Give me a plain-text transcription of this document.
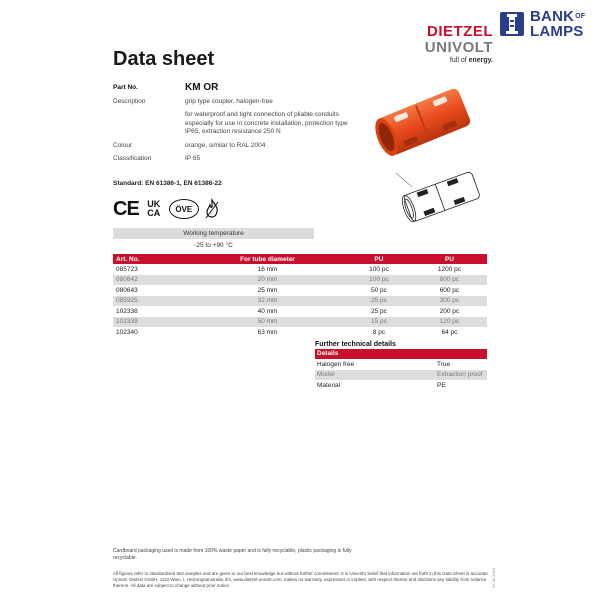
$BANK^{OF}$
LAMPS
DIETZEL
UNIVOLT
full of energy.
Data sheet
Part No.	KM OR
Description	grip type coupler, halogen-free
for waterproof and tight connection of pliable conduits especially for use in concrete installation, protection type IP65, extraction resistance 250 N
Colour	orange, similar to RAL 2004
Classification	IP 65
Standard: EN 61386-1, EN 61386-22
CE UK
CA	ÖVE
Working temperature
-25 to +90 °C
Art. No.	For tube diameter	PU	PU
085723	16 mm	100 pc	1200 pc
080642	20 mm	100 pc	800 pc
080643	25 mm	50 pc	600 pc
085925	32 mm	25 pc	300 pc
102338	40 mm	25 pc	200 pc
102339	50 mm	15 pc	120 pc
102340	63 mm	8 pc	64 pc
Further technical details
Details
Halogen free	True
Model	Extraction proof
Material	PE
Cardboard packaging used is made from 100% waste paper and is fully recyclable, plastic packaging is fully recyclable.
All figures refer to standardised test samples and are given to our best knowledge but without further commitment. It is Univolt's belief that information set forth in this Data Sheet is accurate. Univolt, Dietzel GmbH, 1110 Wien, t. Heizungsanstraße 3/4, www.dietzel-univolt.com, makes no warranty, expressed or implied, with respect thereto and disclaims any liability from reliance thereon. All data are subject to change without prior notice.	07.11.2024
